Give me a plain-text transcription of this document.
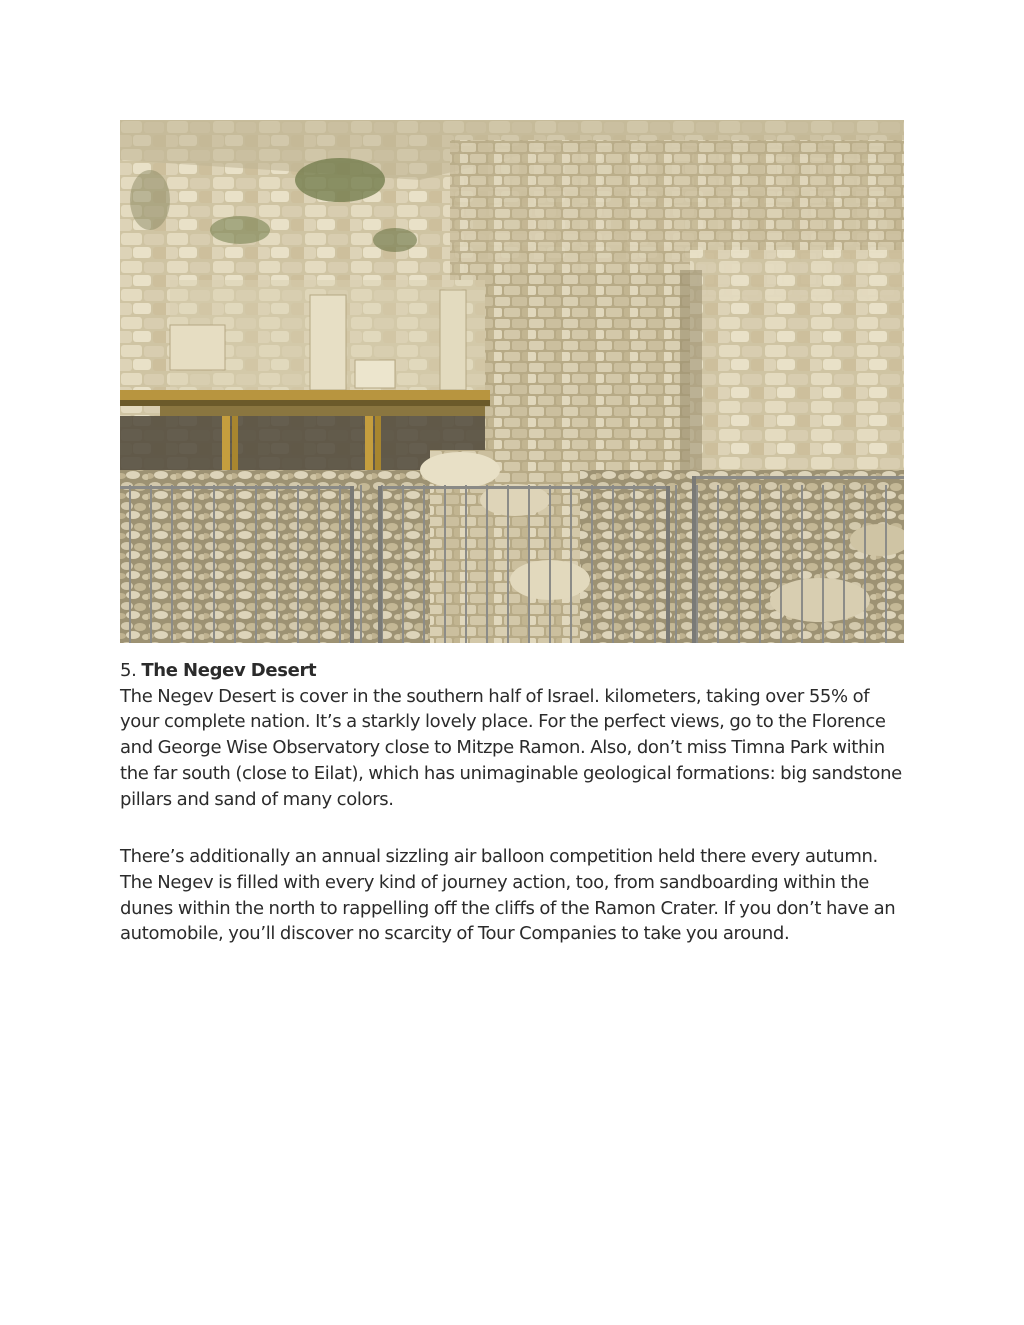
5. The Negev Desert

The Negev Desert is cover in the southern half of Israel. kilometers, taking over 55% of your complete nation. It’s a starkly lovely place. For the perfect views, go to the Florence and George Wise Observatory close to Mitzpe Ramon. Also, don’t miss Timna Park within the far south (close to Eilat), which has unimaginable geological formations: big sandstone pillars and sand of many colors.

There’s additionally an annual sizzling air balloon competition held there every autumn. The Negev is filled with every kind of journey action, too, from sandboarding within the dunes within the north to rappelling off the cliffs of the Ramon Crater. If you don’t have an automobile, you’ll discover no scarcity of Tour Companies to take you around.
